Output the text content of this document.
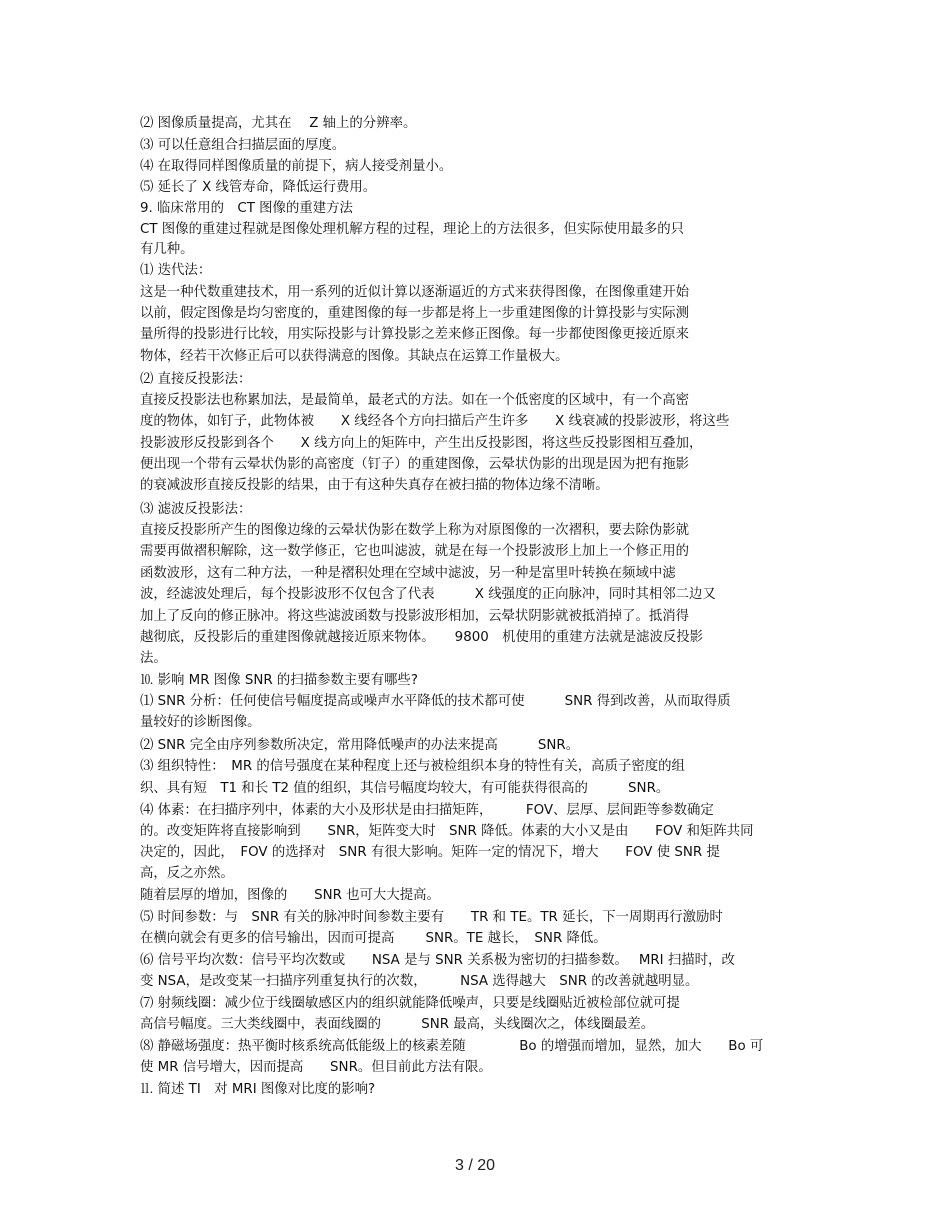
⑵ 图像质量提高，尤其在　 Z 轴上的分辨率。
⑶ 可以任意组合扫描层面的厚度。
⑷ 在取得同样图像质量的前提下，病人接受剂量小。
⑸ 延长了 X 线管寿命，降低运行费用。
9. 临床常用的　CT 图像的重建方法
CT 图像的重建过程就是图像处理机解方程的过程，理论上的方法很多，但实际使用最多的只
有几种。
⑴ 迭代法：
这是一种代数重建技术，用一系列的近似计算以逐渐逼近的方式来获得图像，在图像重建开始
以前，假定图像是均匀密度的，重建图像的每一步都是将上一步重建图像的计算投影与实际测
量所得的投影进行比较，用实际投影与计算投影之差来修正图像。每一步都使图像更接近原来
物体，经若干次修正后可以获得满意的图像。其缺点在运算工作量极大。
⑵ 直接反投影法：
直接反投影法也称累加法，是最简单，最老式的方法。如在一个低密度的区域中，有一个高密
度的物体，如钉子，此物体被　　X 线经各个方向扫描后产生许多　　X 线衰减的投影波形，将这些
投影波形反投影到各个　　X 线方向上的矩阵中，产生出反投影图，将这些反投影图相互叠加，
便出现一个带有云晕状伪影的高密度（钉子）的重建图像，云晕状伪影的出现是因为把有拖影
的衰减波形直接反投影的结果，由于有这种失真存在被扫描的物体边缘不清晰。
⑶ 滤波反投影法：
直接反投影所产生的图像边缘的云晕状伪影在数学上称为对原图像的一次褶积，要去除伪影就
需要再做褶积解除，这一数学修正，它也叫滤波，就是在每一个投影波形上加上一个修正用的
函数波形，这有二种方法，一种是褶积处理在空域中滤波，另一种是富里叶转换在频域中滤
波，经滤波处理后，每个投影波形不仅包含了代表　　　X 线强度的正向脉冲，同时其相邻二边又
加上了反向的修正脉冲。将这些滤波函数与投影波形相加，云晕状阴影就被抵消掉了。抵消得
越彻底，反投影后的重建图像就越接近原来物体。　　9800　机使用的重建方法就是滤波反投影
法。
⒑ 影响 MR 图像 SNR 的扫描参数主要有哪些?
⑴ SNR 分析：任何使信号幅度提高或噪声水平降低的技术都可使　　　SNR 得到改善，从而取得质
量较好的诊断图像。
⑵ SNR 完全由序列参数所决定，常用降低噪声的办法来提高　　　SNR。
⑶ 组织特性：　MR 的信号强度在某种程度上还与被检组织本身的特性有关，高质子密度的组
织、具有短　T1 和长 T2 值的组织，其信号幅度均较大，有可能获得很高的　　　SNR。
⑷ 体素：在扫描序列中，体素的大小及形状是由扫描矩阵，　　　FOV、层厚、层间距等参数确定
的。改变矩阵将直接影响到　　SNR，矩阵变大时　SNR 降低。体素的大小又是由　　FOV 和矩阵共同
决定的，因此，　FOV 的选择对　SNR 有很大影响。矩阵一定的情况下，增大　　FOV 使 SNR 提
高，反之亦然。
随着层厚的增加，图像的　　SNR 也可大大提高。
⑸ 时间参数：与　SNR 有关的脉冲时间参数主要有　　TR 和 TE。TR 延长，下一周期再行激励时
在横向就会有更多的信号输出，因而可提高　　 SNR。TE 越长，　SNR 降低。
⑹ 信号平均次数：信号平均次数或　　NSA 是与 SNR 关系极为密切的扫描参数。　 MRI 扫描时，改
变 NSA，是改变某一扫描序列重复执行的次数，　　　NSA 选得越大　SNR 的改善就越明显。
⑺ 射频线圈：减少位于线圈敏感区内的组织就能降低噪声，只要是线圈贴近被检部位就可提
高信号幅度。三大类线圈中，表面线圈的　　　SNR 最高，头线圈次之，体线圈最差。
⑻ 静磁场强度：热平衡时核系统高低能级上的核素差随　　　　Bo 的增强而增加，显然，加大　　Bo 可
使 MR 信号增大，因而提高　　SNR。但目前此方法有限。
⒒ 简述 TI　对 MRI 图像对比度的影响?
3 / 20
